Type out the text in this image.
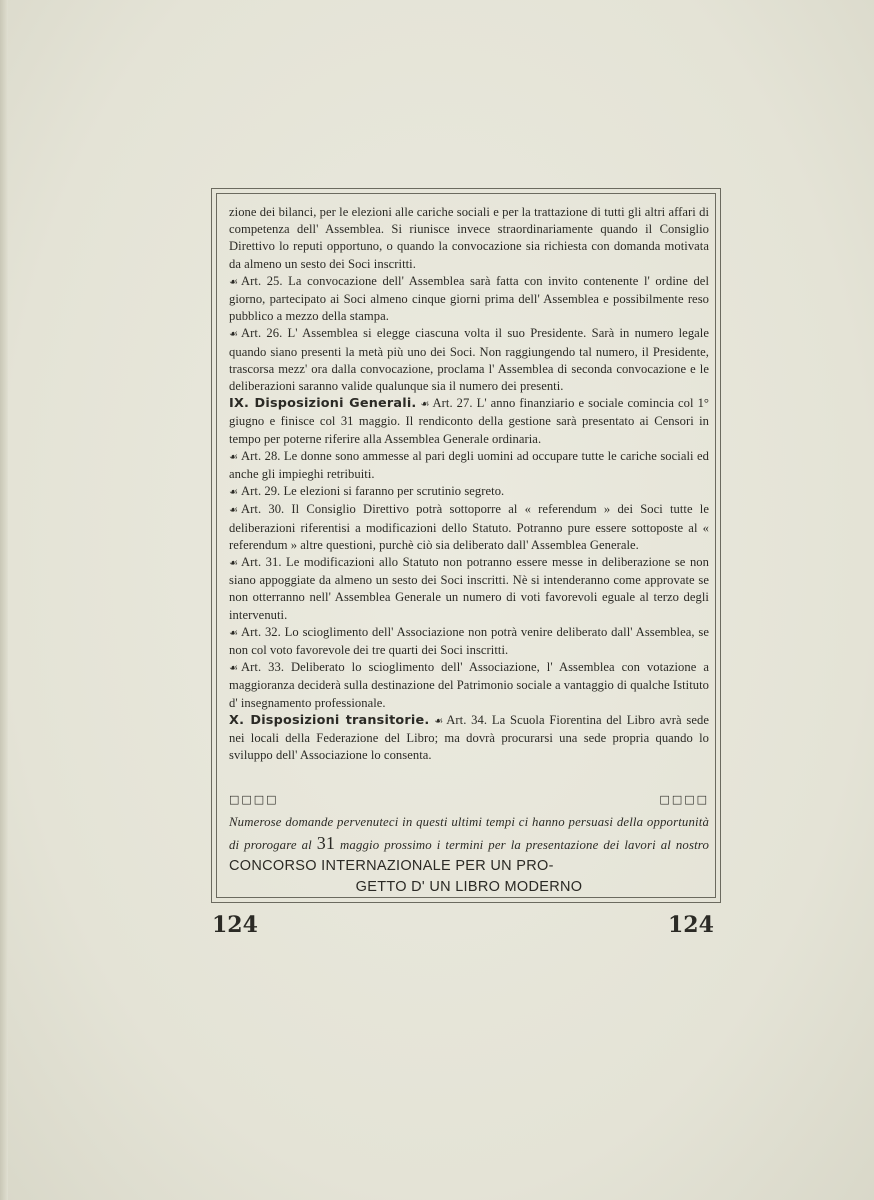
zione dei bilanci, per le elezioni alle cariche sociali e per la trattazione di tutti gli altri affari di competenza dell' Assemblea. Si riunisce invece straordinariamente quando il Consiglio Direttivo lo reputi opportuno, o quando la convocazione sia richiesta con domanda motivata da almeno un sesto dei Soci inscritti.

☙ Art. 25. La convocazione dell' Assemblea sarà fatta con invito contenente l' ordine del giorno, partecipato ai Soci almeno cinque giorni prima dell' Assemblea e possibilmente reso pubblico a mezzo della stampa.

☙ Art. 26. L' Assemblea si elegge ciascuna volta il suo Presidente. Sarà in numero legale quando siano presenti la metà più uno dei Soci. Non raggiungendo tal numero, il Presidente, trascorsa mezz' ora dalla convocazione, proclama l' Assemblea di seconda convocazione e le deliberazioni saranno valide qualunque sia il numero dei presenti.

IX. Disposizioni Generali. ☙ Art. 27. L' anno finanziario e sociale comincia col 1° giugno e finisce col 31 maggio. Il rendiconto della gestione sarà presentato ai Censori in tempo per poterne riferire alla Assemblea Generale ordinaria.

☙ Art. 28. Le donne sono ammesse al pari degli uomini ad occupare tutte le cariche sociali ed anche gli impieghi retribuiti.

☙ Art. 29. Le elezioni si faranno per scrutinio segreto.

☙ Art. 30. Il Consiglio Direttivo potrà sottoporre al « referendum » dei Soci tutte le deliberazioni riferentisi a modificazioni dello Statuto. Potranno pure essere sottoposte al « referendum » altre questioni, purchè ciò sia deliberato dall' Assemblea Generale.

☙ Art. 31. Le modificazioni allo Statuto non potranno essere messe in deliberazione se non siano appoggiate da almeno un sesto dei Soci inscritti. Nè si intenderanno come approvate se non otterranno nell' Assemblea Generale un numero di voti favorevoli eguale al terzo degli intervenuti.

☙ Art. 32. Lo scioglimento dell' Associazione non potrà venire deliberato dall' Assemblea, se non col voto favorevole dei tre quarti dei Soci inscritti.

☙ Art. 33. Deliberato lo scioglimento dell' Associazione, l' Assemblea con votazione a maggioranza deciderà sulla destinazione del Patrimonio sociale a vantaggio di qualche Istituto d' insegnamento professionale.

X. Disposizioni transitorie. ☙ Art. 34. La Scuola Fiorentina del Libro avrà sede nei locali della Federazione del Libro; ma dovrà procurarsi una sede propria quando lo sviluppo dell' Associazione lo consenta.

□□□□	□□□□
Numerose domande pervenuteci in questi ultimi tempi ci hanno persuasi della opportunità di prorogare al 31 maggio prossimo i termini per la presentazione dei lavori al nostro CONCORSO INTERNAZIONALE PER UN PRO-
GETTO D' UN LIBRO MODERNO
124	124
